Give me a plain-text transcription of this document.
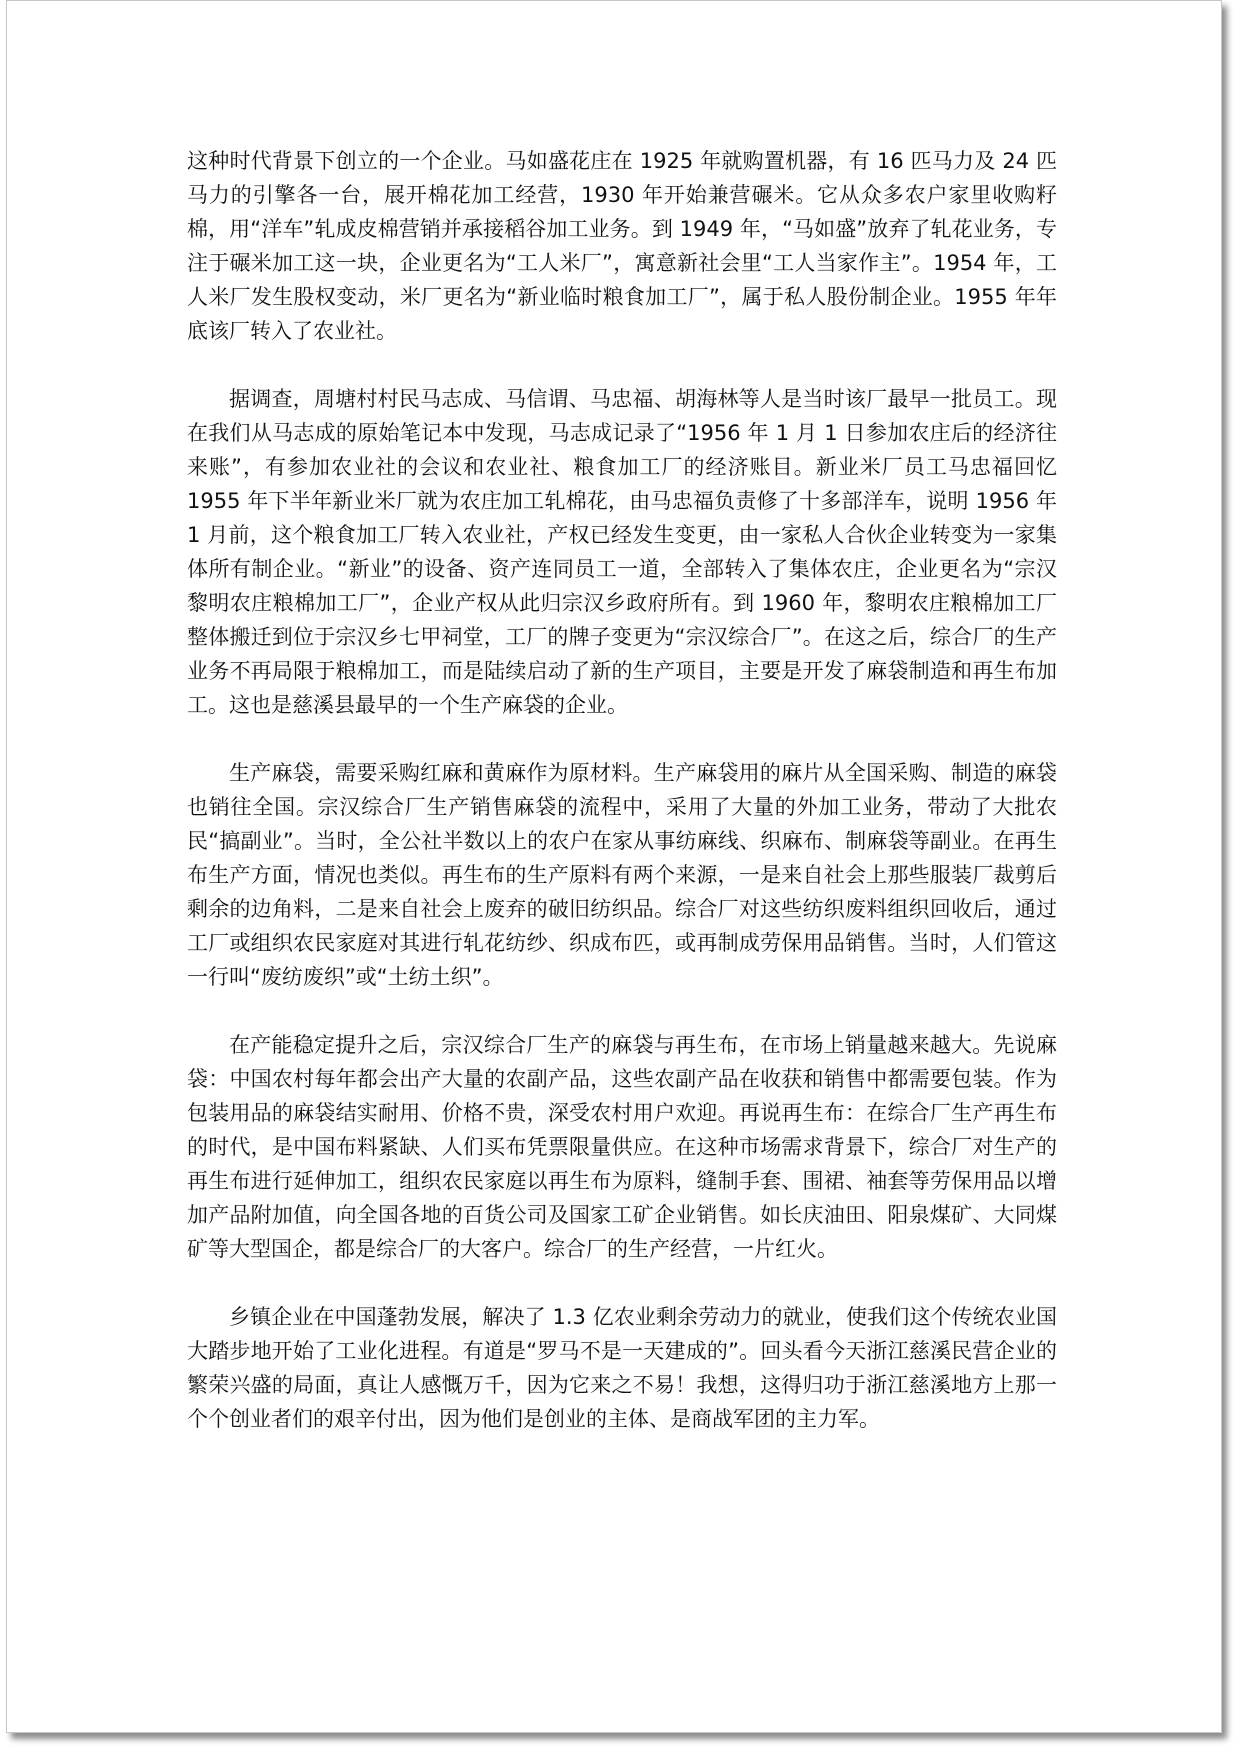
这种时代背景下创立的一个企业。马如盛花庄在 1925 年就购置机器，有 16 匹马力及 24 匹马力的引擎各一台，展开棉花加工经营，1930 年开始兼营碾米。它从众多农户家里收购籽棉，用“洋车”轧成皮棉营销并承接稻谷加工业务。到 1949 年，“马如盛”放弃了轧花业务，专注于碾米加工这一块，企业更名为“工人米厂”，寓意新社会里“工人当家作主”。1954 年，工人米厂发生股权变动，米厂更名为“新业临时粮食加工厂”，属于私人股份制企业。1955 年年底该厂转入了农业社。

据调查，周塘村村民马志成、马信谓、马忠福、胡海林等人是当时该厂最早一批员工。现在我们从马志成的原始笔记本中发现，马志成记录了“1956 年 1 月 1 日参加农庄后的经济往来账”，有参加农业社的会议和农业社、粮食加工厂的经济账目。新业米厂员工马忠福回忆 1955 年下半年新业米厂就为农庄加工轧棉花，由马忠福负责修了十多部洋车，说明 1956 年 1 月前，这个粮食加工厂转入农业社，产权已经发生变更，由一家私人合伙企业转变为一家集体所有制企业。“新业”的设备、资产连同员工一道，全部转入了集体农庄，企业更名为“宗汉黎明农庄粮棉加工厂”，企业产权从此归宗汉乡政府所有。到 1960 年，黎明农庄粮棉加工厂整体搬迁到位于宗汉乡七甲祠堂，工厂的牌子变更为“宗汉综合厂”。在这之后，综合厂的生产业务不再局限于粮棉加工，而是陆续启动了新的生产项目，主要是开发了麻袋制造和再生布加工。这也是慈溪县最早的一个生产麻袋的企业。

生产麻袋，需要采购红麻和黄麻作为原材料。生产麻袋用的麻片从全国采购、制造的麻袋也销往全国。宗汉综合厂生产销售麻袋的流程中，采用了大量的外加工业务，带动了大批农民“搞副业”。当时，全公社半数以上的农户在家从事纺麻线、织麻布、制麻袋等副业。在再生布生产方面，情况也类似。再生布的生产原料有两个来源，一是来自社会上那些服装厂裁剪后剩余的边角料，二是来自社会上废弃的破旧纺织品。综合厂对这些纺织废料组织回收后，通过工厂或组织农民家庭对其进行轧花纺纱、织成布匹，或再制成劳保用品销售。当时，人们管这一行叫“废纺废织”或“土纺土织”。

在产能稳定提升之后，宗汉综合厂生产的麻袋与再生布，在市场上销量越来越大。先说麻袋：中国农村每年都会出产大量的农副产品，这些农副产品在收获和销售中都需要包装。作为包装用品的麻袋结实耐用、价格不贵，深受农村用户欢迎。再说再生布：在综合厂生产再生布的时代，是中国布料紧缺、人们买布凭票限量供应。在这种市场需求背景下，综合厂对生产的再生布进行延伸加工，组织农民家庭以再生布为原料，缝制手套、围裙、袖套等劳保用品以增加产品附加值，向全国各地的百货公司及国家工矿企业销售。如长庆油田、阳泉煤矿、大同煤矿等大型国企，都是综合厂的大客户。综合厂的生产经营，一片红火。

乡镇企业在中国蓬勃发展，解决了 1.3 亿农业剩余劳动力的就业，使我们这个传统农业国大踏步地开始了工业化进程。有道是“罗马不是一天建成的”。回头看今天浙江慈溪民营企业的繁荣兴盛的局面，真让人感慨万千，因为它来之不易！我想，这得归功于浙江慈溪地方上那一个个创业者们的艰辛付出，因为他们是创业的主体、是商战军团的主力军。
